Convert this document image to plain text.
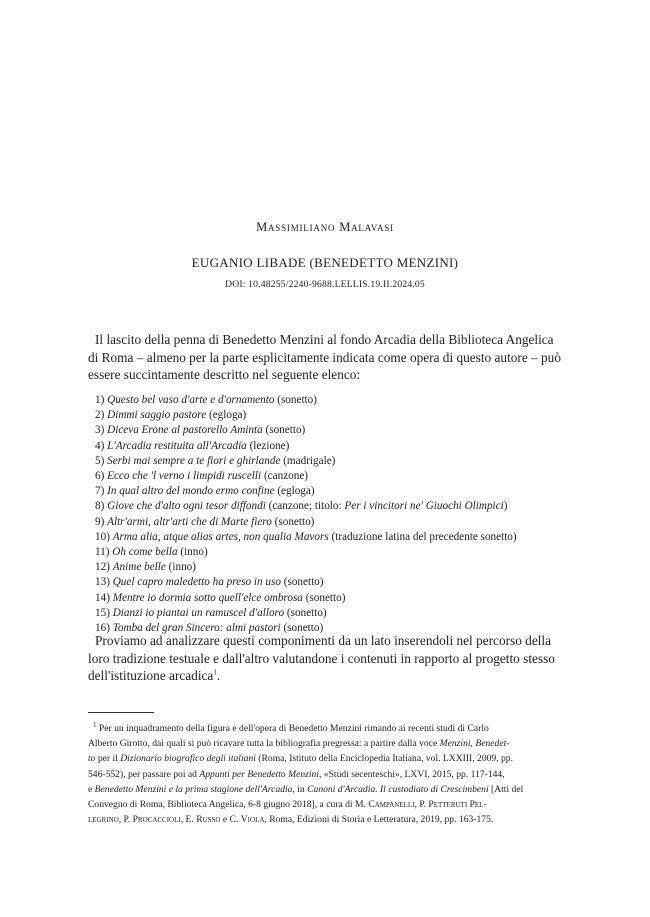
Massimiliano Malavasi
EUGANIO LIBADE (BENEDETTO MENZINI)
DOI: 10.48255/2240-9688.LELLIS.19.II.2024.05
Il lascito della penna di Benedetto Menzini al fondo Arcadia della Biblioteca Angelica
di Roma – almeno per la parte esplicitamente indicata come opera di questo autore – può
essere succintamente descritto nel seguente elenco:
1) Questo bel vaso d'arte e d'ornamento (sonetto)
2) Dimmi saggio pastore (egloga)
3) Diceva Erone al pastorello Aminta (sonetto)
4) L'Arcadia restituita all'Arcadia (lezione)
5) Serbi mai sempre a te fiori e ghirlande (madrigale)
6) Ecco che 'l verno i limpidi ruscelli (canzone)
7) In qual altro del mondo ermo confine (egloga)
8) Giove che d'alto ogni tesor diffondi (canzone; titolo: Per i vincitori ne' Giuochi Olimpici)
9) Altr'armi, altr'arti che di Marte fiero (sonetto)
10) Arma alia, atque alias artes, non qualia Mavors (traduzione latina del precedente sonetto)
11) Oh come bella (inno)
12) Anime belle (inno)
13) Quel capro maledetto ha preso in uso (sonetto)
14) Mentre io dormia sotto quell'elce ombrosa (sonetto)
15) Dianzi io piantai un ramuscel d'alloro (sonetto)
16) Tomba del gran Sincero: almi pastori (sonetto)
Proviamo ad analizzare questi componimenti da un lato inserendoli nel percorso della
loro tradizione testuale e dall'altro valutandone i contenuti in rapporto al progetto stesso
dell'istituzione arcadica$^1$.
$^1$ Per un inquadramento della figura e dell'opera di Benedetto Menzini rimando ai recenti studi di Carlo
Alberto Girotto, dai quali si può ricavare tutta la bibliografia pregressa: a partire dalla voce Menzini, Benedet-
to per il Dizionario biografico degli italiani (Roma, Istituto della Enciclopedia Italiana, vol. LXXIII, 2009, pp.
546-552), per passare poi ad Appunti per Benedetto Menzini, «Studi secenteschi», LXVI, 2015, pp. 117-144,
e Benedetto Menzini e la prima stagione dell'Arcadia, in Canoni d'Arcadia. Il custodiato di Crescimbeni [Atti del
Convegno di Roma, Biblioteca Angelica, 6-8 giugno 2018], a cura di M. Campanelli, P. Petteruti Pel-
legrino, P. Procaccioli, E. Russo e C. Viola, Roma, Edizioni di Storia e Letteratura, 2019, pp. 163-175.
